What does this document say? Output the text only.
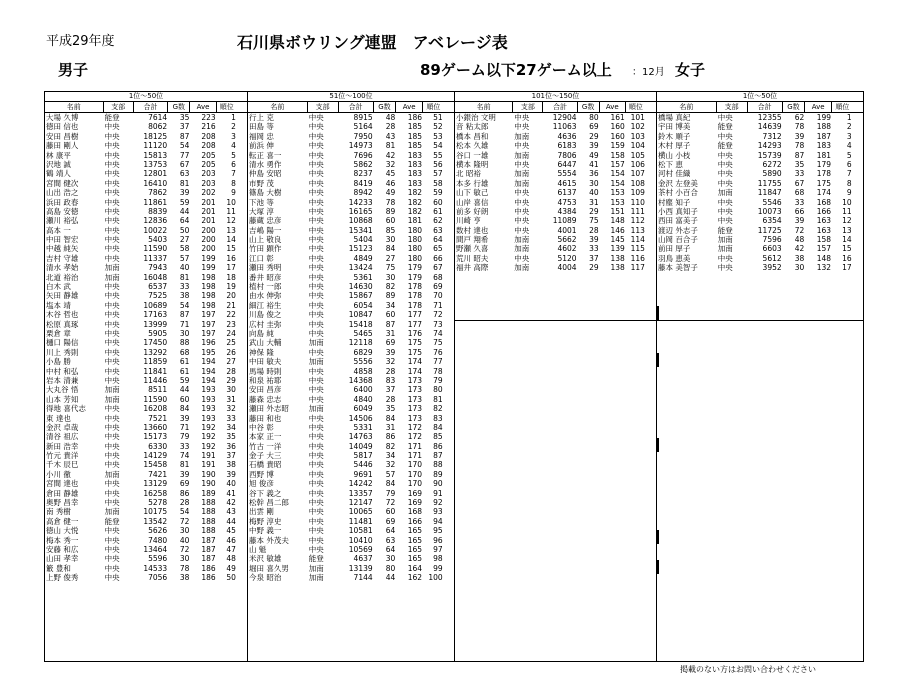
平成29年度	石川県ボウリング連盟　アベレージ表
男子	89ゲーム以下27ゲーム以上 ：12月 女子
1位～50位
名前	支部	合計	G数	Ave	順位
大場 久博	能登	7614	35	223	1
徳田 信也	中央	8062	37	216	2
安田 昌樹	中央	18125	87	208	3
藤田 剛人	中央	11120	54	208	4
林 康平	中央	15813	77	205	5
沢地 誠	中央	13753	67	205	6
鶴 靖人	中央	12801	63	203	7
宮間 健次	中央	16410	81	203	8
山出 浩之	中央	7862	39	202	9
浜田 政春	中央	11861	59	201	10
高島 安徳	中央	8839	44	201	11
瀬川 裕弘	中央	12836	64	201	12
高本 一	中央	10022	50	200	13
中田 智宏	中央	5403	27	200	14
中越 純矢	中央	11590	58	200	15
吉村 守雄	中央	11337	57	199	16
清水 孝始	加南	7943	40	199	17
北道 裕治	加南	16048	81	198	18
白木 武	中央	6537	33	198	19
矢田 静雄	中央	7525	38	198	20
塩本 靖	中央	10689	54	198	21
木谷 哲也	中央	17163	87	197	22
松原 真琢	中央	13999	71	197	23
栗倉 章	中央	5905	30	197	24
樋口 陽信	中央	17450	88	196	25
川上 秀則	中央	13292	68	195	26
小島 勝	中央	11859	61	194	27
中村 和弘	中央	11841	61	194	28
岩本 清兼	中央	11446	59	194	29
大丸谷 悟	加南	8511	44	193	30
山本 芳知	加南	11590	60	193	31
得地 喜代志	中央	16208	84	193	32
東 達也	中央	7521	39	193	33
金沢 卓哉	中央	13660	71	192	34
清谷 祖広	中央	15173	79	192	35
新田 浩幸	中央	6330	33	192	36
竹元 貴洋	中央	14129	74	191	37
千木 辰巳	中央	15458	81	191	38
小川 徹	加南	7421	39	190	39
宮間 達也	中央	13129	69	190	40
倉田 静雄	中央	16258	86	189	41
奥野 昌幸	中央	5278	28	188	42
南 秀樹	加南	10175	54	188	43
高倉 健一	能登	13542	72	188	44
徳山 大悦	中央	5626	30	188	45
梅本 秀一	中央	7480	40	187	46
安藤 和広	中央	13464	72	187	47
山田 孝幸	中央	5596	30	187	48
籔 豊和	中央	14533	78	186	49
上野 俊秀	中央	7056	38	186	50
51位～100位
名前	支部	合計	G数	Ave	順位
行上 克	中央	8915	48	186	51
田島 等	中央	5164	28	185	52
福岡 忠	中央	7950	43	185	53
前浜 伸	中央	14973	81	185	54
転正 喜一	中央	7696	42	183	55
清水 勇作	中央	5862	32	183	56
仲島 安昭	中央	8237	45	183	57
市野 茂	中央	8419	46	183	58
篠島 大樹	中央	8942	49	182	59
下池 等	中央	14233	78	182	60
大塚 淳	中央	16165	89	182	61
藤蔵 忠彦	中央	10868	60	181	62
吉嶋 陽一	中央	15341	85	180	63
山上 敬良	中央	5404	30	180	64
竹田 顕作	中央	15123	84	180	65
江口 彰	中央	4849	27	180	66
瀬田 秀明	中央	13424	75	179	67
番井 昭彦	中央	5361	30	179	68
植村 一郎	中央	14630	82	178	69
由水 伸弥	中央	15867	89	178	70
細江 裕生	中央	6054	34	178	71
川島 俊之	中央	10847	60	177	72
広村 圭弥	中央	15418	87	177	73
向島 純	中央	5465	31	176	74
武山 大輔	加南	12118	69	175	75
神保 隆	中央	6829	39	175	76
中田 敏夫	加南	5556	32	174	77
馬場 時則	中央	4858	28	174	78
和泉 祐耶	中央	14368	83	173	79
安田 昌彦	中央	6400	37	173	80
藤森 忠志	中央	4840	28	173	81
瀬田 外志昭	加南	6049	35	173	82
藤田 和也	中央	14506	84	173	83
中谷 彰	中央	5331	31	172	84
本家 正一	中央	14763	86	172	85
竹古 一洋	中央	14049	82	171	86
金子 大三	中央	5817	34	171	87
石橋 貴昭	中央	5446	32	170	88
西野 博	中央	9691	57	170	89
旭 俊彦	中央	14242	84	170	90
谷下 義之	中央	13357	79	169	91
松幹 昌二郎	中央	12147	72	169	92
出雲 剛	中央	10065	60	168	93
梅野 淳史	中央	11481	69	166	94
中野 義一	中央	10581	64	165	95
藤本 外茂夫	中央	10410	63	165	96
山 魁	中央	10569	64	165	97
米沢 敏雄	能登	4637	30	165	98
堀田 喜久男	加南	13139	80	164	99
今泉 昭治	加南	7144	44	162 100
101位～150位
名前	支部	合計	G数	Ave	順位
小銀治 文明	中央	12904	80	161 101
音 粘太郎	中央	11063	69	160 102
橋本 昌和	加南	4636	29	160 103
松本 久雄	中央	6183	39	159 104
谷口 一雄	加南	7806	49	158 105
横本 隆明	中央	6447	41	157 106
北 昭裕	加南	5554	36	154 107
本多 行雄	加南	4615	30	154 108
山下 敏己	中央	6137	40	153 109
山岸 喜信	中央	4753	31	153 110
前多 好朗	中央	4384	29	151 111
川崎 亨	中央	11089	75	148 112
数村 達也	中央	4001	28	146 113
間戸 翔希	加南	5662	39	145 114
野瀬 久喜	加南	4602	33	139 115
荒川 昭夫	中央	5120	37	138 116
福井 高際	加南	4004	29	138 117
1位～50位
名前	支部	合計	G数	Ave	順位
橋場 真紀	中央	12355	62	199	1
宇田 博美	能登	14639	78	188	2
鈴木 順子	中央	7312	39	187	3
木村 厚子	能登	14293	78	183	4
横山 小枝	中央	15739	87	181	5
松下 恵	中央	6272	35	179	6
河村 佳織	中央	5890	33	178	7
金沢 左登美	中央	11755	67	175	8
茶村 小百合	加南	11847	68	174	9
村塵 知子	中央	5546	33	168	10
小西 真知子	中央	10073	66	166	11
西田 富美子	中央	6354	39	163	12
渡辺 外志子	能登	11725	72	163	13
山岡 百合子	加南	7596	48	158	14
前田 厚子	加南	6603	42	157	15
羽鳥 恵美	中央	5612	38	148	16
藤本 美智子	中央	3952	30	132	17
掲載のない方はお問い合わせください
